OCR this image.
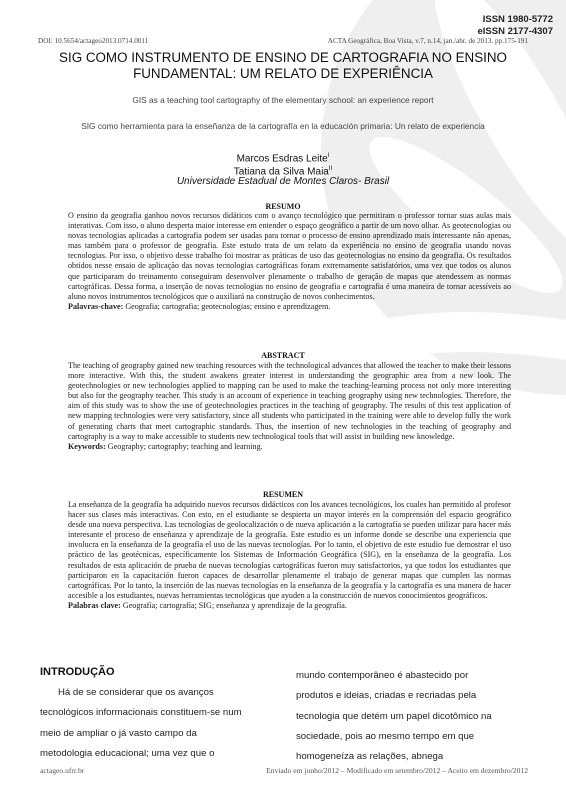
ISSN 1980-5772
eISSN 2177-4307
DOI: 10.5654/actageo2013.0714.0011	ACTA Geográfica, Boa Vista, v.7, n.14, jan./abr. de 2013. pp.175-191
SIG COMO INSTRUMENTO DE ENSINO DE CARTOGRAFIA NO ENSINO
FUNDAMENTAL: UM RELATO DE EXPERIÊNCIA
GIS as a teaching tool cartography of the elementary school: an experience report
SIG como herramienta para la enseñanza de la cartografía en la educación primaria: Un relato de experiencia
Marcos Esdras Leite$^I$
Tatiana da Silva Maia$^{II}$
Universidade Estadual de Montes Claros- Brasil
RESUMO
O ensino da geografia ganhou novos recursos didáticos com o avanço tecnológico que permitiram o professor tornar suas aulas mais interativas. Com isso, o aluno desperta maior interesse em entender o espaço geográfico a partir de um novo olhar. As geotecnologias ou novas tecnologias aplicadas a cartografia podem ser usadas para tornar o processo de ensino aprendizado mais interessante não apenas, mas também para o professor de geografia. Este estudo trata de um relato da experiência no ensino de geografia usando novas tecnologias. Por isso, o objetivo desse trabalho foi mostrar as práticas de uso das geotecnologias no ensino da geografia. Os resultados obtidos nesse ensaio de aplicação das novas tecnologias cartográficas foram extremamente satisfatórios, uma vez que todos os alunos que participaram do treinamento conseguiram desenvolver plenamente o trabalho de geração de mapas que atendessem as normas cartográficas. Dessa forma, a inserção de novas tecnologias no ensino de geografia e cartografia é uma maneira de tornar acessíveis ao aluno novos instrumentos tecnológicos que o auxiliará na construção de novos conhecimentos.
Palavras-chave: Geografia; cartografia; geotecnologias; ensino e aprendizagem.
ABSTRACT
The teaching of geography gained new teaching resources with the technological advances that allowed the teacher to make their lessons more interactive. With this, the student awakens greater interest in understanding the geographic area from a new look. The geotechnologies or new technologies applied to mapping can be used to make the teaching-learning process not only more interesting but also for the geography teacher. This study is an account of experience in teaching geography using new technologies. Therefore, the aim of this study was to show the use of geotechnologies practices in the teaching of geography. The results of this test application of new mapping technologies were very satisfactory, since all students who participated in the training were able to develop fully the work of generating charts that meet cartographic standards. Thus, the insertion of new technologies in the teaching of geography and cartography is a way to make accessible to students new technological tools that will assist in building new knowledge.
Keywords: Geography; cartography; teaching and learning.
RESUMEN
La enseñanza de la geografía ha adquirido nuevos recursos didácticos con los avances tecnológicos, los cuales han permitido al profesor hacer sus clases más interactivas. Con esto, en el estudiante se despierta un mayor interés en la comprensión del espacio geográfico desde una nueva perspectiva. Las tecnologías de geolocalización o de nueva aplicación a la cartografía se pueden utilizar para hacer más interesante el proceso de enseñanza y aprendizaje de la geografía. Este estudio es un informe donde se describe una experiencia que involucra en la enseñanza de la geografía el uso de las nuevas tecnologías. Por lo tanto, el objetivo de este estudio fue demostrar el uso práctico de las geotécnicas, específicamente los Sistemas de Información Geográfica (SIG), en la enseñanza de la geografía. Los resultados de esta aplicación de prueba de nuevas tecnologías cartográficas fueron muy satisfactorios, ya que todos los estudiantes que participaron en la capacitación fueron capaces de desarrollar plenamente el trabajo de generar mapas que cumplen las normas cartográficas. Por lo tanto, la inserción de las nuevas tecnologías en la enseñanza de la geografía y la cartografía es una manera de hacer accesible a los estudiantes, nuevas herramientas tecnológicas que ayuden a la construcción de nuevos conocimientos geográficos.
Palabras clave: Geografía; cartografía; SIG; enseñanza y aprendizaje de la geografía.
INTRODUÇÃO
Há de se considerar que os avanços
tecnológicos informacionais constituem-se num
meio de ampliar o já vasto campo da
metodologia educacional; uma vez que o
mundo contemporâneo é abastecido por
produtos e ideias, criadas e recriadas pela
tecnologia que detém um papel dicotômico na
sociedade, pois ao mesmo tempo em que
homogeneíza as relações, abnega
actageo.ufrr.br	Enviado em junho/2012 – Modificado em setembro/2012 – Aceito em dezembro/2012
